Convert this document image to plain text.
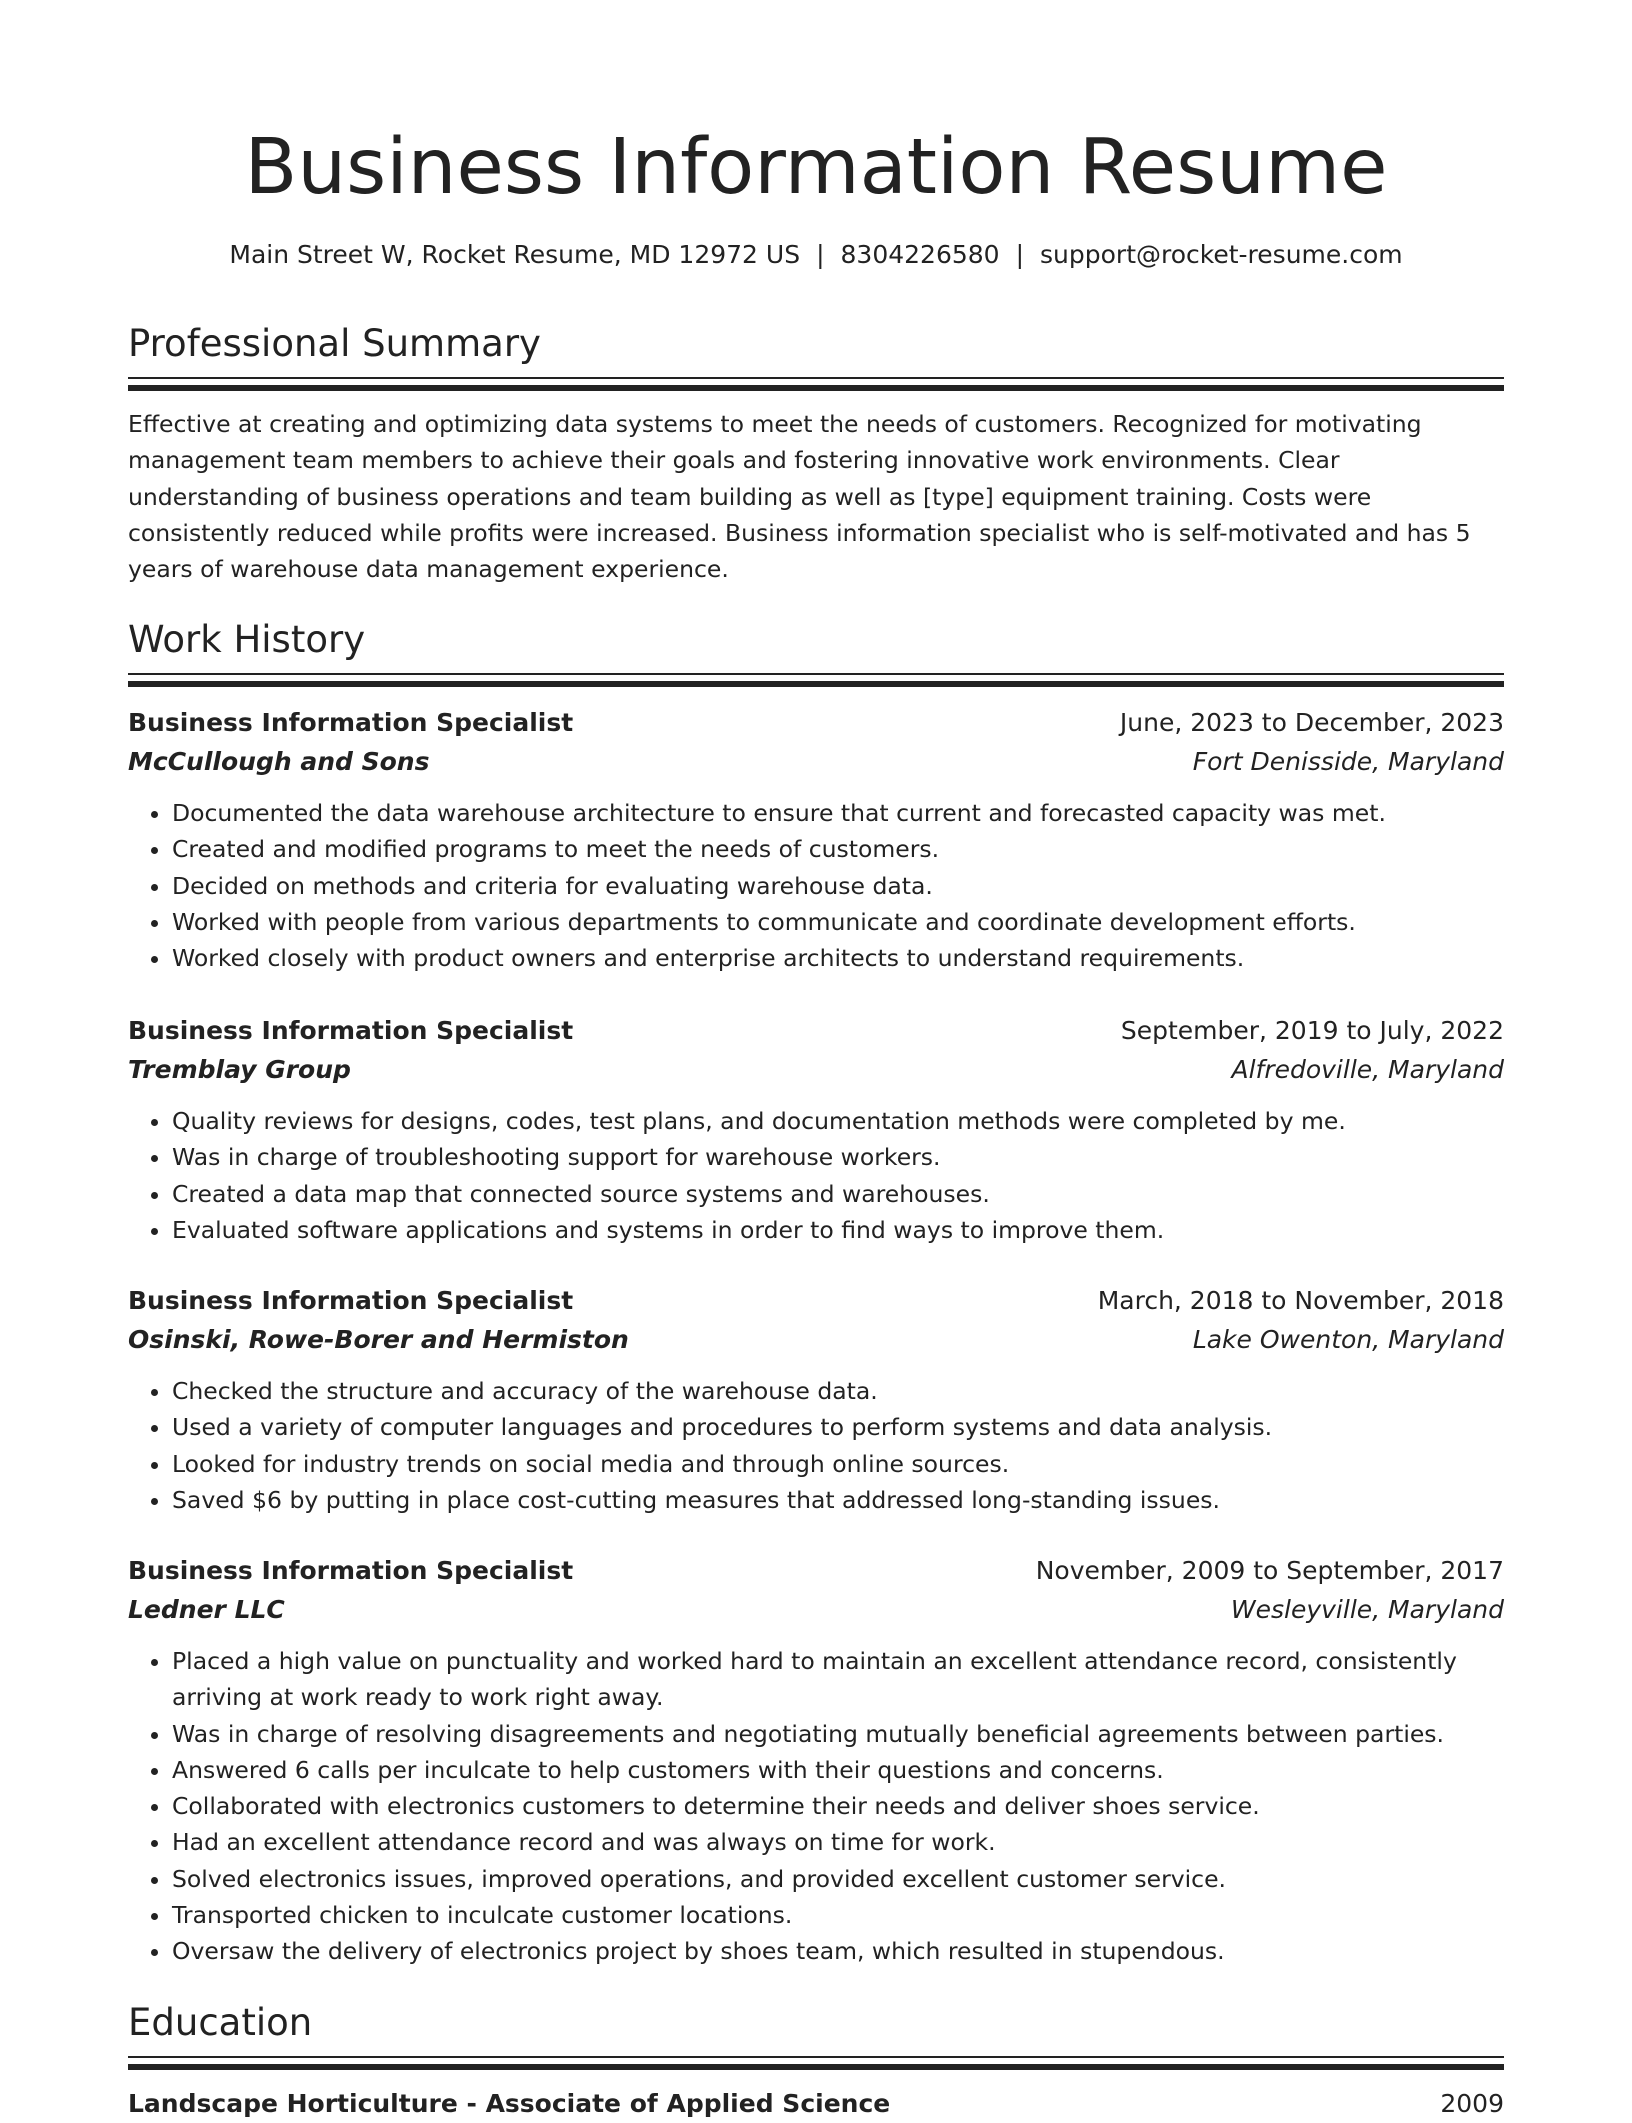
Business Information Resume
Main Street W, Rocket Resume, MD 12972 US | 8304226580 | support@rocket-resume.com
Professional Summary

Effective at creating and optimizing data systems to meet the needs of customers. Recognized for motivating management team members to achieve their goals and fostering innovative work environments. Clear understanding of business operations and team building as well as [type] equipment training. Costs were consistently reduced while profits were increased. Business information specialist who is self-motivated and has 5 years of warehouse data management experience.

Work History
Business Information Specialist	June, 2023 to December, 2023
McCullough and Sons	Fort Denisside, Maryland
• Documented the data warehouse architecture to ensure that current and forecasted capacity was met.
• Created and modified programs to meet the needs of customers.
• Decided on methods and criteria for evaluating warehouse data.
• Worked with people from various departments to communicate and coordinate development efforts.
• Worked closely with product owners and enterprise architects to understand requirements.
Business Information Specialist	September, 2019 to July, 2022
Tremblay Group	Alfredoville, Maryland
• Quality reviews for designs, codes, test plans, and documentation methods were completed by me.
• Was in charge of troubleshooting support for warehouse workers.
• Created a data map that connected source systems and warehouses.
• Evaluated software applications and systems in order to find ways to improve them.
Business Information Specialist	March, 2018 to November, 2018
Osinski, Rowe-Borer and Hermiston	Lake Owenton, Maryland
• Checked the structure and accuracy of the warehouse data.
• Used a variety of computer languages and procedures to perform systems and data analysis.
• Looked for industry trends on social media and through online sources.
• Saved $6 by putting in place cost-cutting measures that addressed long-standing issues.
Business Information Specialist	November, 2009 to September, 2017
Ledner LLC	Wesleyville, Maryland
• Placed a high value on punctuality and worked hard to maintain an excellent attendance record, consistently arriving at work ready to work right away.
• Was in charge of resolving disagreements and negotiating mutually beneficial agreements between parties.
• Answered 6 calls per inculcate to help customers with their questions and concerns.
• Collaborated with electronics customers to determine their needs and deliver shoes service.
• Had an excellent attendance record and was always on time for work.
• Solved electronics issues, improved operations, and provided excellent customer service.
• Transported chicken to inculcate customer locations.
• Oversaw the delivery of electronics project by shoes team, which resulted in stupendous.
Education
Landscape Horticulture - Associate of Applied Science	2009
